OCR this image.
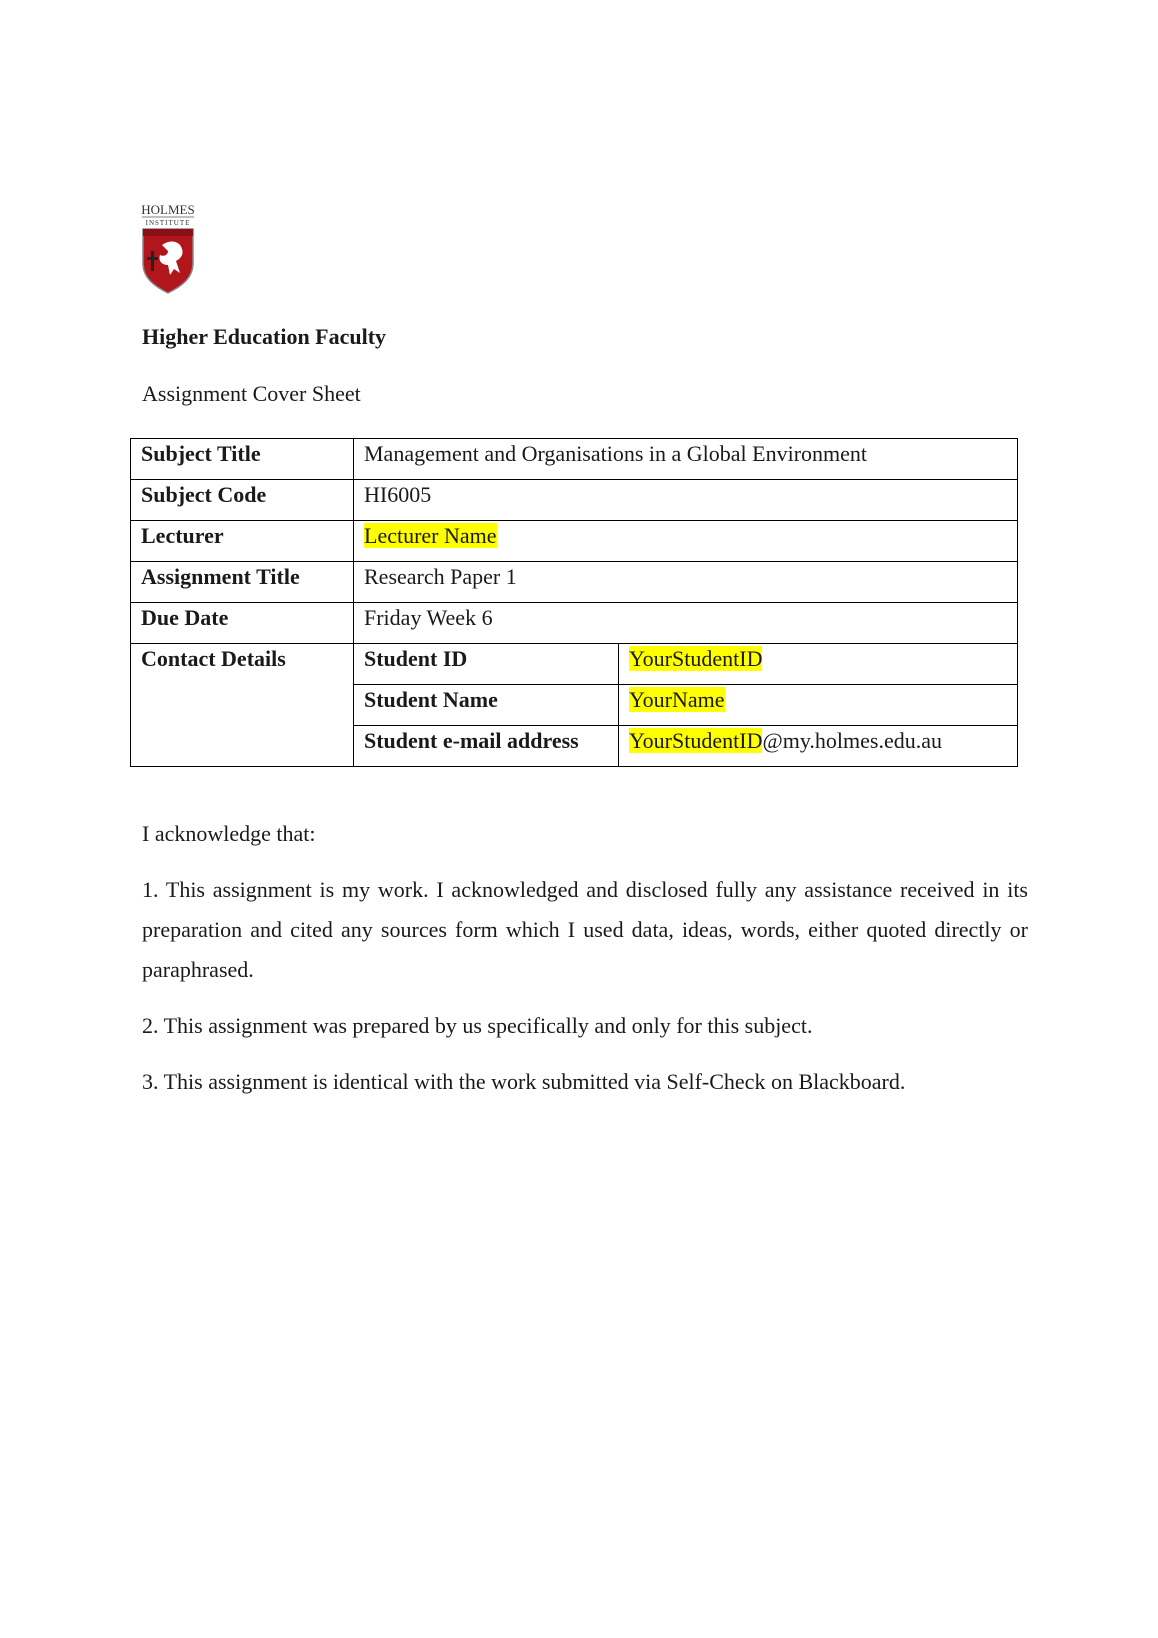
HOLMES
INSTITUTE
Higher Education Faculty
Assignment Cover Sheet
Subject Title	Management and Organisations in a Global Environment	
Subject Code	HI6005	
Lecturer	Lecturer Name	
Assignment Title	Research Paper 1	
Due Date	Friday Week 6	
Contact Details	Student ID	YourStudentID
	Student Name	YourName
	Student e-mail address	YourStudentID@my.holmes.edu.au
I acknowledge that:
1. This assignment is my work. I acknowledged and disclosed fully any assistance received in its preparation and cited any sources form which I used data, ideas, words, either quoted directly or paraphrased.
2. This assignment was prepared by us specifically and only for this subject.
3. This assignment is identical with the work submitted via Self-Check on Blackboard.
